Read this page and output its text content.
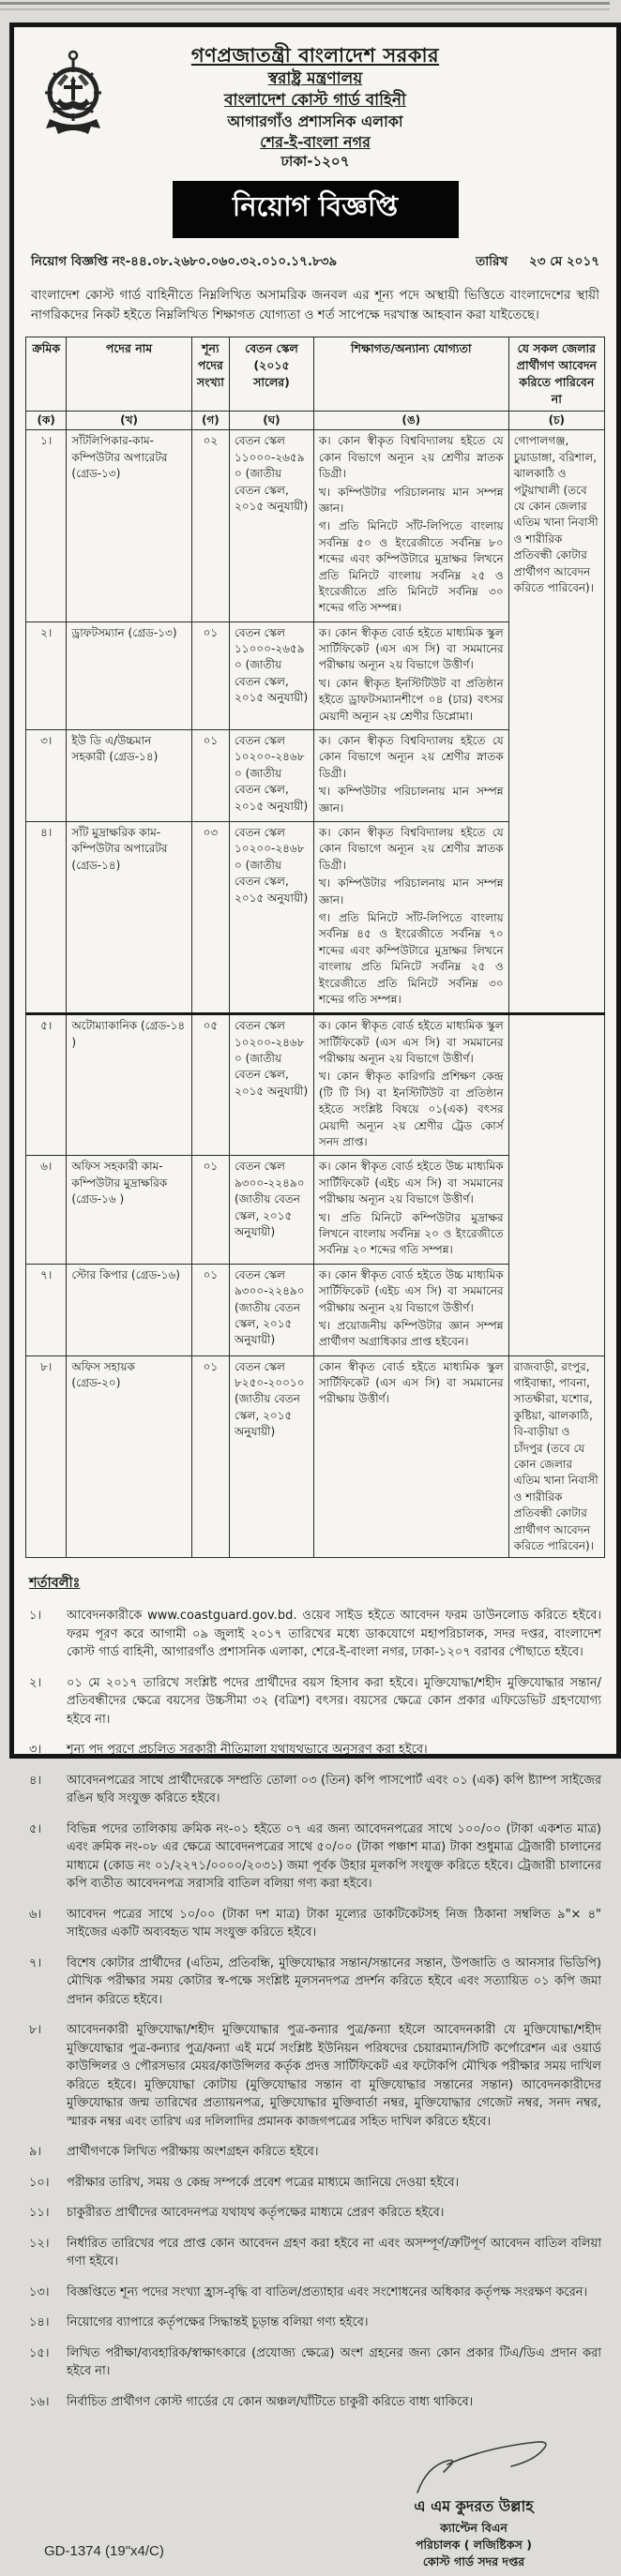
গণপ্রজাতন্ত্রী বাংলাদেশ সরকার
স্বরাষ্ট্র মন্ত্রণালয়
বাংলাদেশ কোস্ট গার্ড বাহিনী
আগারগাঁও প্রশাসনিক এলাকা
শের-ই-বাংলা নগর
ঢাকা-১২০৭
নিয়োগ বিজ্ঞপ্তি
নিয়োগ বিজ্ঞপ্তি নং-৪৪.০৮.২৬৮০.০৬০.৩২.০১০.১৭.৮৩৯	তারিখ ২৩ মে ২০১৭

বাংলাদেশ কোস্ট গার্ড বাহিনীতে নিম্নলিখিত অসামরিক জনবল এর শূন্য পদে অস্থায়ী ভিত্তিতে বাংলাদেশের স্থায়ী নাগরিকদের নিকট হইতে নিম্নলিখিত শিক্ষাগত যোগ্যতা ও শর্ত সাপেক্ষে দরখাস্ত আহবান করা যাইতেছে।

ক্রমিক	পদের নাম	শূন্য পদের সংখ্যা	বেতন স্কেল (২০১৫ সালের)	শিক্ষাগত/অন্যান্য যোগ্যতা	যে সকল জেলার প্রার্থীগণ আবেদন করিতে পারিবেন না
(ক)	(খ)	(গ)	(ঘ)	(ঙ)	(চ)
১।	সাঁটলিপিকার-কাম-কম্পিউটার অপারেটর (গ্রেড-১৩)	০২	বেতন স্কেল ১১০০০-২৬৫৯০ (জাতীয় বেতন স্কেল, ২০১৫ অনুযায়ী)	ক। কোন স্বীকৃত বিশ্ববিদ্যালয় হইতে যে কোন বিভাগে অন্যূন ২য় শ্রেণীর স্নাতক ডিগ্রী।
খ। কম্পিউটার পরিচালনায় মান সম্পন্ন জ্ঞান।
গ। প্রতি মিনিটে সাঁট-লিপিতে বাংলায় সর্বনিম্ন ৫০ ও ইংরেজীতে সর্বনিম্ন ৮০ শব্দের এবং কম্পিউটারে মুদ্রাক্ষর লিখনে প্রতি মিনিটে বাংলায় সর্বনিম্ন ২৫ ও ইংরেজীতে প্রতি মিনিটে সর্বনিম্ন ৩০ শব্দের গতি সম্পন্ন।	গোপালগঞ্জ, চুয়াডাঙ্গা, বরিশাল, ঝালকাঠি ও পটুয়াখালী (তবে যে কোন জেলার এতিম খানা নিবাসী ও শারীরিক প্রতিবন্ধী কোটার প্রার্থীগণ আবেদন করিতে পারিবেন)।
২।	ড্রাফটসম্যান (গ্রেড-১৩)	০১	বেতন স্কেল ১১০০০-২৬৫৯০ (জাতীয় বেতন স্কেল, ২০১৫ অনুযায়ী)	ক। কোন স্বীকৃত বোর্ড হইতে মাধ্যমিক স্কুল সার্টিফিকেট (এস এস সি) বা সমমানের পরীক্ষায় অন্যূন ২য় বিভাগে উত্তীর্ণ।
খ। কোন স্বীকৃত ইনস্টিটিউট বা প্রতিষ্ঠান হইতে ড্রাফটসম্যানশীপে ০৪ (চার) বৎসর মেয়াদী অন্যূন ২য় শ্রেণীর ডিপ্লোমা।	

৩।	ইউ ডি এ/উচ্চমান সহকারী (গ্রেড-১৪)	০১	বেতন স্কেল ১০২০০-২৪৬৮০ (জাতীয় বেতন স্কেল, ২০১৫ অনুযায়ী)	ক। কোন স্বীকৃত বিশ্ববিদ্যালয় হইতে যে কোন বিভাগে অন্যূন ২য় শ্রেণীর স্নাতক ডিগ্রী।
খ। কম্পিউটার পরিচালনায় মান সম্পন্ন জ্ঞান।	

৪।	সাঁট মুদ্রাক্ষরিক কাম-কম্পিউটার অপারেটর (গ্রেড-১৪)	০৩	বেতন স্কেল ১০২০০-২৪৬৮০ (জাতীয় বেতন স্কেল, ২০১৫ অনুযায়ী)	ক। কোন স্বীকৃত বিশ্ববিদ্যালয় হইতে যে কোন বিভাগে অন্যূন ২য় শ্রেণীর স্নাতক ডিগ্রী।
খ। কম্পিউটার পরিচালনায় মান সম্পন্ন জ্ঞান।
গ। প্রতি মিনিটে সাঁট-লিপিতে বাংলায় সর্বনিম্ন ৪৫ ও ইংরেজীতে সর্বনিম্ন ৭০ শব্দের এবং কম্পিউটারে মুদ্রাক্ষর লিখনে বাংলায় প্রতি মিনিটে সর্বনিম্ন ২৫ ও ইংরেজীতে প্রতি মিনিটে সর্বনিম্ন ৩০ শব্দের গতি সম্পন্ন।	

৫।	অটোম্যাকানিক (গ্রেড-১৪ )	০৫	বেতন স্কেল ১০২০০-২৪৬৮০ (জাতীয় বেতন স্কেল, ২০১৫ অনুযায়ী)	ক। কোন স্বীকৃত বোর্ড হইতে মাধ্যমিক স্কুল সার্টিফিকেট (এস এস সি) বা সমমানের পরীক্ষায় অন্যূন ২য় বিভাগে উত্তীর্ণ।
খ। কোন স্বীকৃত কারিগরি প্রশিক্ষণ কেন্দ্র (টি টি সি) বা ইনস্টিটিউট বা প্রতিষ্ঠান হইতে সংশ্লিষ্ট বিষয়ে ০১(এক) বৎসর মেয়াদী অন্যূন ২য় শ্রেণীর ট্রেড কোর্স সনদ প্রাপ্ত।	

৬।	অফিস সহকারী কাম-কম্পিউটার মুদ্রাক্ষরিক (গ্রেড-১৬ )	০১	বেতন স্কেল ৯৩০০-২২৪৯০ (জাতীয় বেতন স্কেল, ২০১৫ অনুযায়ী)	ক। কোন স্বীকৃত বোর্ড হইতে উচ্চ মাধ্যমিক সার্টিফিকেট (এইচ এস সি) বা সমমানের পরীক্ষায় অন্যূন ২য় বিভাগে উত্তীর্ণ।
খ। প্রতি মিনিটে কম্পিউটার মুদ্রাক্ষর লিখনে বাংলায় সর্বনিম্ন ২০ ও ইংরেজীতে সর্বনিম্ন ২০ শব্দের গতি সম্পন্ন।	

৭।	স্টোর কিপার (গ্রেড-১৬)	০১	বেতন স্কেল ৯৩০০-২২৪৯০ (জাতীয় বেতন স্কেল, ২০১৫ অনুযায়ী)	ক। কোন স্বীকৃত বোর্ড হইতে উচ্চ মাধ্যমিক সার্টিফিকেট (এইচ এস সি) বা সমমানের পরীক্ষায় অন্যূন ২য় বিভাগে উত্তীর্ণ।
খ। প্রয়োজনীয় কম্পিউটার জ্ঞান সম্পন্ন প্রার্থীগণ অগ্রাধিকার প্রাপ্ত হইবেন।	

৮।	অফিস সহায়ক (গ্রেড-২০)	০১	বেতন স্কেল ৮২৫০-২০০১০ (জাতীয় বেতন স্কেল, ২০১৫ অনুযায়ী)	কোন স্বীকৃত বোর্ড হইতে মাধ্যমিক স্কুল সার্টিফিকেট (এস এস সি) বা সমমানের পরীক্ষায় উত্তীর্ণ।	রাজবাড়ী, রংপুর, গাইবান্ধা, পাবনা, সাতক্ষীরা, যশোর, কুষ্টিয়া, ঝালকাঠি, বি-বাড়ীয়া ও চাঁদপুর (তবে যে কোন জেলার এতিম খানা নিবাসী ও শারীরিক প্রতিবন্ধী কোটার প্রার্থীগণ আবেদন করিতে পারিবেন)।
শর্তাবলীঃ
১।	আবেদনকারীকে www.coastguard.gov.bd. ওয়েব সাইড হইতে আবেদন ফরম ডাউনলোড করিতে হইবে। ফরম পূরণ করে আগামী ০৯ জুলাই ২০১৭ তারিখের মধ্যে ডাকযোগে মহাপরিচালক, সদর দপ্তর, বাংলাদেশ কোস্ট গার্ড বাহিনী, আগারগাঁও প্রশাসনিক এলাকা, শেরে-ই-বাংলা নগর, ঢাকা-১২০৭ বরাবর পৌছাতে হইবে।
২।	০১ মে ২০১৭ তারিখে সংশ্লিষ্ট পদের প্রার্থীদের বয়স হিসাব করা হইবে। মুক্তিযোদ্ধা/শহীদ মুক্তিযোদ্ধার সন্তান/প্রতিবন্ধীদের ক্ষেত্রে বয়সের উচ্চসীমা ৩২ (বত্রিশ) বৎসর। বয়সের ক্ষেত্রে কোন প্রকার এফিডেভিট গ্রহণযোগ্য হইবে না।
৩।	শূন্য পদ পূরণে প্রচলিত সরকারী নীতিমালা যথাযথভাবে অনুসরণ করা হইবে।
৪।	আবেদনপত্রের সাথে প্রার্থীদেরকে সম্প্রতি তোলা ০৩ (তিন) কপি পাসপোর্ট এবং ০১ (এক) কপি ষ্ট্যাম্প সাইজের রঙিন ছবি সংযুক্ত করিতে হইবে।
৫।	বিভিন্ন পদের তালিকায় ক্রমিক নং-০১ হইতে ০৭ এর জন্য আবেদনপত্রের সাথে ১০০/০০ (টাকা একশত মাত্র) এবং ক্রমিক নং-০৮ এর ক্ষেত্রে আবেদনপত্রের সাথে ৫০/০০ (টাকা পঞ্চাশ মাত্র) টাকা শুধুমাত্র ট্রেজারী চালানের মাধ্যমে (কোড নং ০১/২২৭১/০০০০/২০৩১) জমা পূর্বক উহার মূলকপি সংযুক্ত করিতে হইবে। ট্রেজারী চালানের কপি ব্যতীত আবেদনপত্র সরাসরি বাতিল বলিয়া গণ্য করা হইবে।
৬।	আবেদন পত্রের সাথে ১০/০০ (টাকা দশ মাত্র) টাকা মূল্যের ডাকটিকেটসহ নিজ ঠিকানা সম্বলিত ৯"× ৪" সাইজের একটি অব্যবহৃত খাম সংযুক্ত করিতে হইবে।
৭।	বিশেষ কোটার প্রার্থীদের (এতিম, প্রতিবন্ধি, মুক্তিযোদ্ধার সন্তান/সন্তানের সন্তান, উপজাতি ও আনসার ভিডিপি) মৌখিক পরীক্ষার সময় কোটার স্ব-পক্ষে সংশ্লিষ্ট মূলসনদপত্র প্রদর্শন করিতে হইবে এবং সত্যায়িত ০১ কপি জমা প্রদান করিতে হইবে।
৮।	আবেদনকারী মুক্তিযোদ্ধা/শহীদ মুক্তিযোদ্ধার পুত্র-কন্যার পুত্র/কন্যা হইলে আবেদনকারী যে মুক্তিযোদ্ধা/শহীদ মুক্তিযোদ্ধার পুত্র-কন্যার পুত্র/কন্যা এই মর্মে সংশ্লিষ্ট ইউনিয়ন পরিষদের চেয়ারম্যান/সিটি কর্পোরেশন এর ওয়ার্ড কাউন্সিলর ও পৌরসভার মেয়র/কাউন্সিলর কর্তৃক প্রদত্ত সার্টিফিকেট এর ফটোকপি মৌখিক পরীক্ষার সময় দাখিল করিতে হইবে। মুক্তিযোদ্ধা কোটায় (মুক্তিযোদ্ধার সন্তান বা মুক্তিযোদ্ধার সন্তানের সন্তান) আবেদনকারীদের মুক্তিযোদ্ধার জন্ম তারিখের প্রত্যায়নপত্র, মুক্তিযোদ্ধার মুক্তিবার্তা নম্বর, মুক্তিযোদ্ধার গেজেট নম্বর, সনদ নম্বর, স্মারক নম্বর এবং তারিখ এর দলিলাদির প্রমানক কাজগপত্রের সহিত দাখিল করিতে হইবে।
৯।	প্রার্থীগণকে লিখিত পরীক্ষায় অংশগ্রহন করিতে হইবে।
১০।	পরীক্ষার তারিখ, সময় ও কেন্দ্র সম্পর্কে প্রবেশ পত্রের মাধ্যমে জানিয়ে দেওয়া হইবে।
১১।	চাকুরীরত প্রার্থীদের আবেদনপত্র যথাযথ কর্তৃপক্ষের মাধ্যমে প্রেরণ করিতে হইবে।
১২।	নির্ধারিত তারিখের পরে প্রাপ্ত কোন আবেদন গ্রহণ করা হইবে না এবং অসম্পূর্ণ/ত্রুটিপূর্ণ আবেদন বাতিল বলিয়া গণা হইবে।
১৩।	বিজ্ঞপ্তিতে শূন্য পদের সংখ্যা হ্রাস-বৃদ্ধি বা বাতিল/প্রত্যাহার এবং সংশোধনের অধিকার কর্তৃপক্ষ সংরক্ষণ করেন।
১৪।	নিয়োগের ব্যাপারে কর্তৃপক্ষের সিদ্ধান্তই চূড়ান্ত বলিয়া গণ্য হইবে।
১৫।	লিখিত পরীক্ষা/ব্যবহারিক/স্বাক্ষাৎকারে (প্রযোজ্য ক্ষেত্রে) অংশ গ্রহনের জন্য কোন প্রকার টিএ/ডিএ প্রদান করা হইবে না।
১৬।	নির্বাচিত প্রার্থীগণ কোস্ট গার্ডের যে কোন অঞ্চল/ঘাঁটিতে চাকুরী করিতে বাধ্য থাকিবে।
GD-1374 (19"x4/C)
এ এম কুদরত উল্লাহ
ক্যাপ্টেন বিএন
পরিচালক ( লজিষ্টিকস )
কোস্ট গার্ড সদর দপ্তর
